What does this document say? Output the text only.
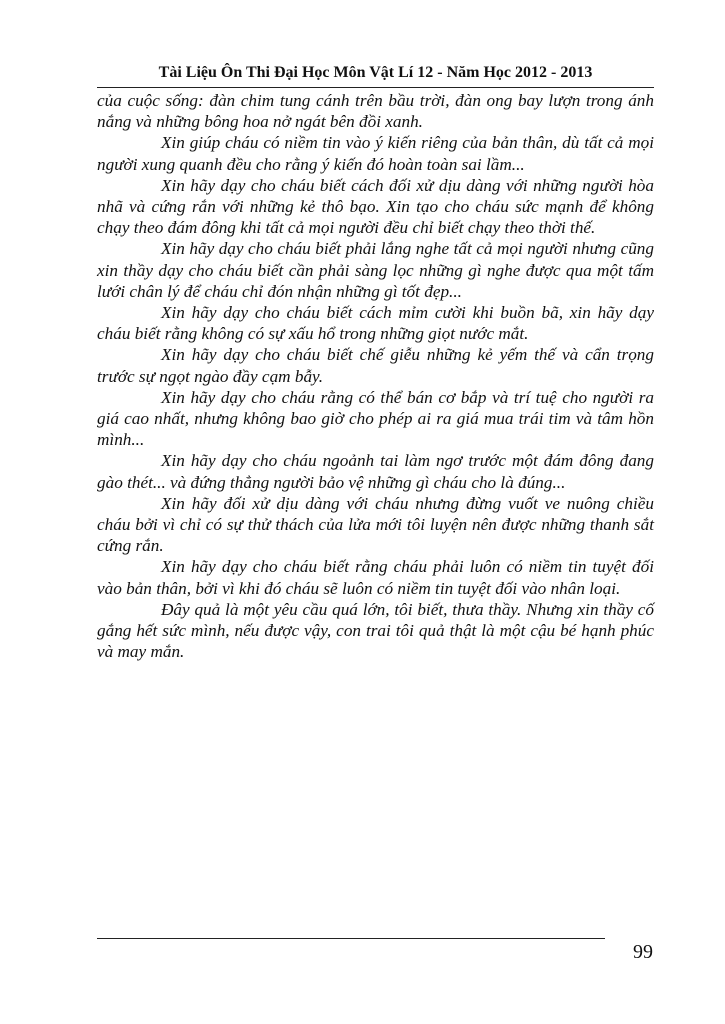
Tài Liệu Ôn Thi Đại Học Môn Vật Lí 12 - Năm Học 2012 - 2013

của cuộc sống: đàn chim tung cánh trên bầu trời, đàn ong bay lượn trong ánh nắng và những bông hoa nở ngát bên đồi xanh.

Xin giúp cháu có niềm tin vào ý kiến riêng của bản thân, dù tất cả mọi người xung quanh đều cho rằng ý kiến đó hoàn toàn sai lầm...

Xin hãy dạy cho cháu biết cách đối xử dịu dàng với những người hòa nhã và cứng rắn với những kẻ thô bạo. Xin tạo cho cháu sức mạnh để không chạy theo đám đông khi tất cả mọi người đều chỉ biết chạy theo thời thế.

Xin hãy dạy cho cháu biết phải lắng nghe tất cả mọi người nhưng cũng xin thầy dạy cho cháu biết cần phải sàng lọc những gì nghe được qua một tấm lưới chân lý để cháu chỉ đón nhận những gì tốt đẹp...

Xin hãy dạy cho cháu biết cách mỉm cười khi buồn bã, xin hãy dạy cháu biết rằng không có sự xấu hổ trong những giọt nước mắt.

Xin hãy dạy cho cháu biết chế giễu những kẻ yếm thế và cẩn trọng trước sự ngọt ngào đầy cạm bẫy.

Xin hãy dạy cho cháu rằng có thể bán cơ bắp và trí tuệ cho người ra giá cao nhất, nhưng không bao giờ cho phép ai ra giá mua trái tim và tâm hồn mình...

Xin hãy dạy cho cháu ngoảnh tai làm ngơ trước một đám đông đang gào thét... và đứng thẳng người bảo vệ những gì cháu cho là đúng...

Xin hãy đối xử dịu dàng với cháu nhưng đừng vuốt ve nuông chiều cháu bởi vì chỉ có sự thử thách của lửa mới tôi luyện nên được những thanh sắt cứng rắn.

Xin hãy dạy cho cháu biết rằng cháu phải luôn có niềm tin tuyệt đối vào bản thân, bởi vì khi đó cháu sẽ luôn có niềm tin tuyệt đối vào nhân loại.

Đây quả là một yêu cầu quá lớn, tôi biết, thưa thầy. Nhưng xin thầy cố gắng hết sức mình, nếu được vậy, con trai tôi quả thật là một cậu bé hạnh phúc và may mắn.

99
